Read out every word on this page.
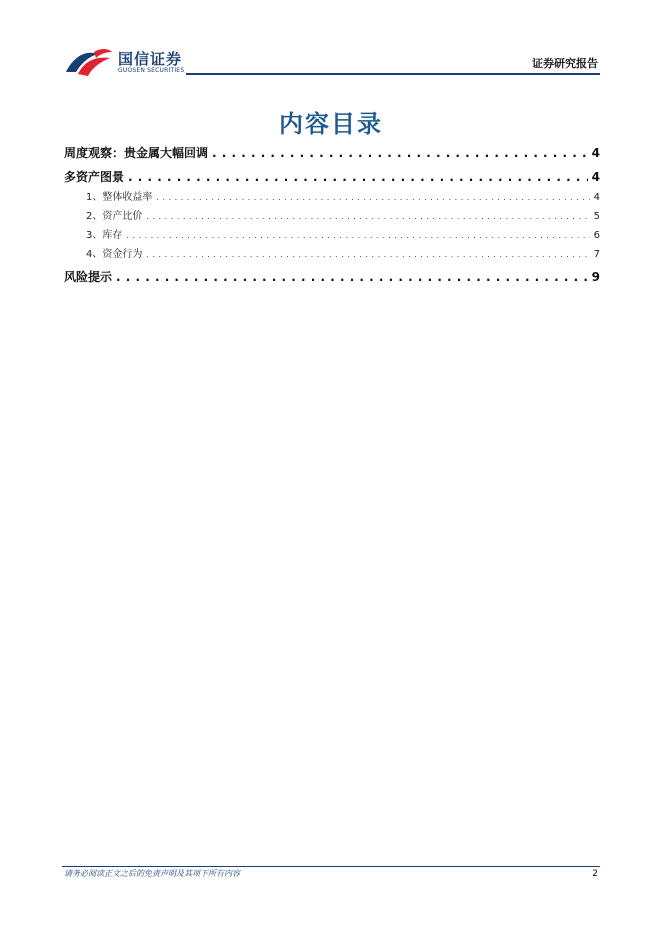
国信证券
GUOSEN SECURITIES
证券研究报告
内容目录
周度观察：贵金属大幅回调 . . .	4
多资产图景 . . .	4
1、整体收益率 . . .	4
2、资产比价 . . .	5
3、库存 . . .	6
4、资金行为 . . .	7
风险提示 . . .	9
请务必阅读正文之后的免责声明及其项下所有内容	2
